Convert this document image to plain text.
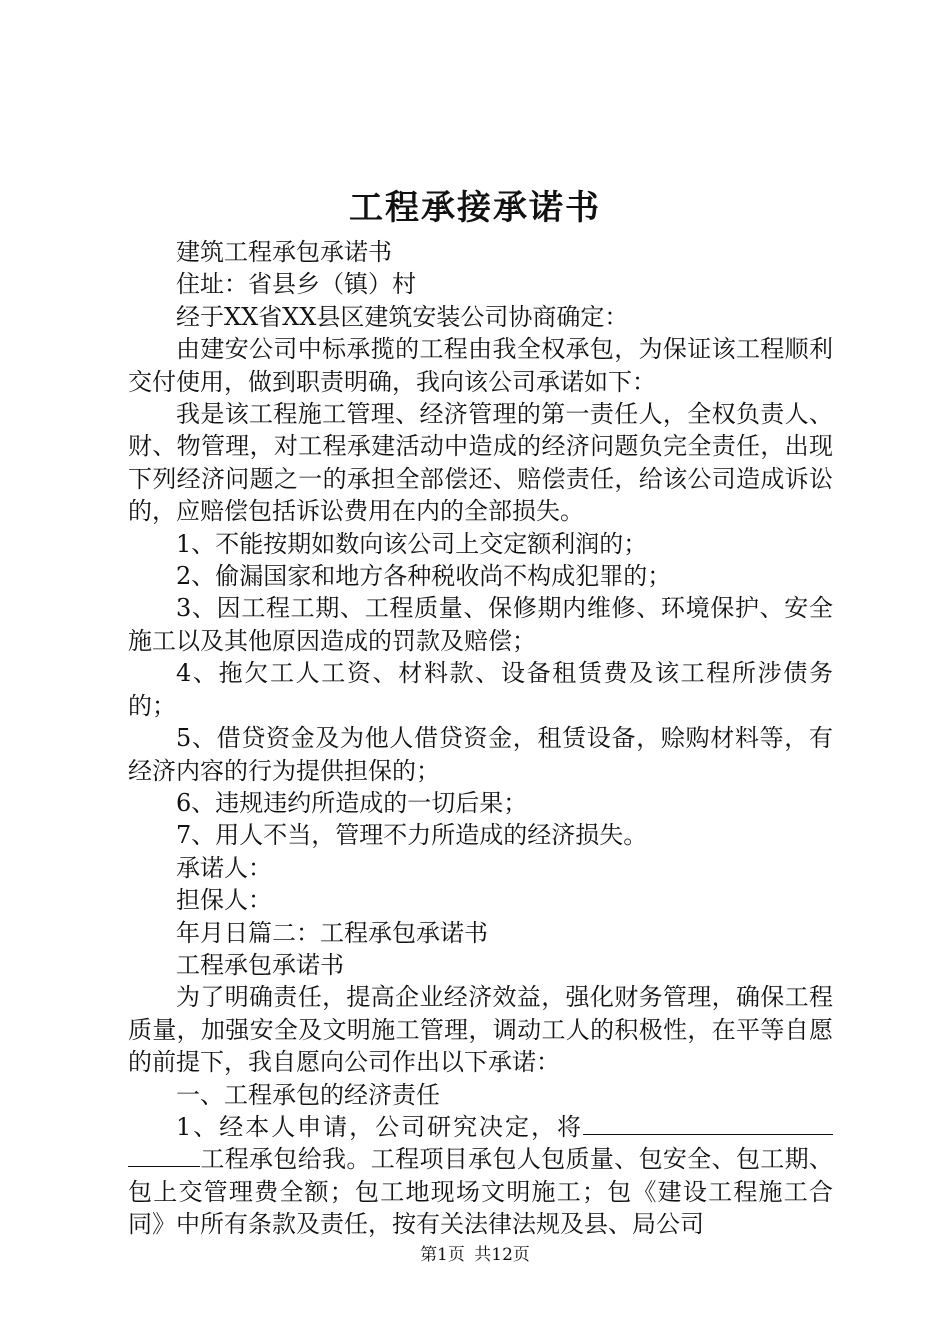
工程承接承诺书

建筑工程承包承诺书

住址：省县乡（镇）村

经于XX省XX县区建筑安装公司协商确定：

由建安公司中标承揽的工程由我全权承包，为保证该工程顺利交付使用，做到职责明确，我向该公司承诺如下：

我是该工程施工管理、经济管理的第一责任人，全权负责人、财、物管理，对工程承建活动中造成的经济问题负完全责任，出现下列经济问题之一的承担全部偿还、赔偿责任，给该公司造成诉讼的，应赔偿包括诉讼费用在内的全部损失。

1、不能按期如数向该公司上交定额利润的；

2、偷漏国家和地方各种税收尚不构成犯罪的；

3、因工程工期、工程质量、保修期内维修、环境保护、安全施工以及其他原因造成的罚款及赔偿；

4、拖欠工人工资、材料款、设备租赁费及该工程所涉债务的；

5、借贷资金及为他人借贷资金，租赁设备，赊购材料等，有经济内容的行为提供担保的；

6、违规违约所造成的一切后果；

7、用人不当，管理不力所造成的经济损失。

承诺人：

担保人：

年月日篇二：工程承包承诺书

工程承包承诺书

为了明确责任，提高企业经济效益，强化财务管理，确保工程质量，加强安全及文明施工管理，调动工人的积极性，在平等自愿的前提下，我自愿向公司作出以下承诺：

一、工程承包的经济责任

1、经本人申请，公司研究决定，将工程承包给我。工程项目承包人包质量、包安全、包工期、包上交管理费全额；包工地现场文明施工；包《建设工程施工合同》中所有条款及责任，按有关法律法规及县、局公司

第1页 共12页
